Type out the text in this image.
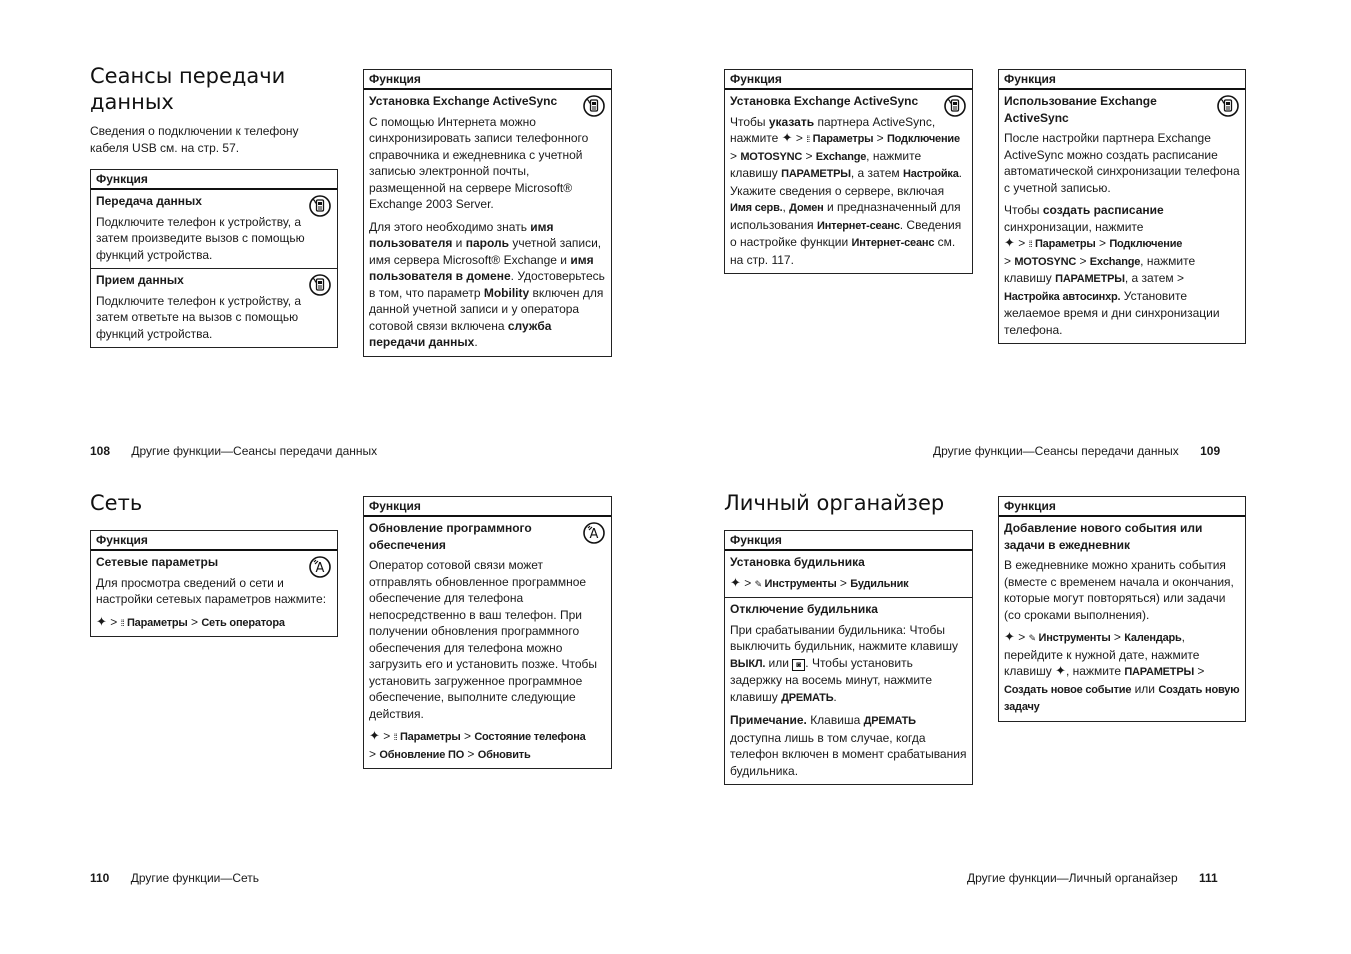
Сеансы передачи данных

Сведения о подключении к телефону кабеля USB см. на стр. 57.

Функция
Передача данных

Подключите телефон к устройству, а затем произведите вызов с помощью функций устройства.

Прием данных

Подключите телефон к устройству, а затем ответьте на вызов с помощью функций устройства.

Функция
Установка Exchange ActiveSync

С помощью Интернета можно синхронизировать записи телефонного справочника и ежедневника с учетной записью электронной почты, размещенной на сервере Microsoft® Exchange 2003 Server.

Для этого необходимо знать имя пользователя и пароль учетной записи, имя сервера Microsoft® Exchange и имя пользователя в домене. Удостоверьтесь в том, что параметр Mobility включен для данной учетной записи и у оператора сотовой связи включена служба передачи данных.

108 Другие функции—Сеансы передачи данных
Функция
Установка Exchange ActiveSync

Чтобы указать партнера ActiveSync, нажмите ✦ > ⁞⁞ Параметры > Подключение > MOTOSYNC > Exchange, нажмите клавишу ПАРАМЕТРЫ, а затем Настройка. Укажите сведения о сервере, включая Имя серв., Домен и предназначенный для использования Интернет-сеанс. Сведения о настройке функции Интернет-сеанс см. на стр. 117.

Функция
Использование Exchange ActiveSync

После настройки партнера Exchange ActiveSync можно создать расписание автоматической синхронизации телефона с учетной записью.

Чтобы создать расписание синхронизации, нажмите
✦ > ⁞⁞ Параметры > Подключение
> MOTOSYNC > Exchange, нажмите клавишу ПАРАМЕТРЫ, а затем > Настройка автосинхр. Установите желаемое время и дни синхронизации телефона.

Другие функции—Сеансы передачи данных 109
Сеть
Функция
Сетевые параметры

Для просмотра сведений о сети и настройки сетевых параметров нажмите:

✦ > ⁞⁞ Параметры > Сеть оператора

Функция
Обновление программного обеспечения

Оператор сотовой связи может отправлять обновленное программное обеспечение для телефона непосредственно в ваш телефон. При получении обновления программного обеспечения для телефона можно загрузить его и установить позже. Чтобы установить загруженное программное обеспечение, выполните следующие действия.

✦ > ⁞⁞ Параметры > Состояние телефона
> Обновление ПО > Обновить

110 Другие функции—Сеть
Личный органайзер
Функция
Установка будильника

✦ > ✎ Инструменты > Будильник

Отключение будильника

При срабатывании будильника: Чтобы выключить будильник, нажмите клавишу ВЫКЛ. или ◙ . Чтобы установить задержку на восемь минут, нажмите клавишу ДРЕМАТЬ.

Примечание. Клавиша ДРЕМАТЬ доступна лишь в том случае, когда телефон включен в момент срабатывания будильника.

Функция
Добавление нового события или задачи в ежедневник

В ежедневнике можно хранить события (вместе с временем начала и окончания, которые могут повторяться) или задачи (со сроками выполнения).

✦ > ✎ Инструменты > Календарь, перейдите к нужной дате, нажмите клавишу ✦, нажмите ПАРАМЕТРЫ > Создать новое событие или Создать новую задачу

Другие функции—Личный органайзер 111
